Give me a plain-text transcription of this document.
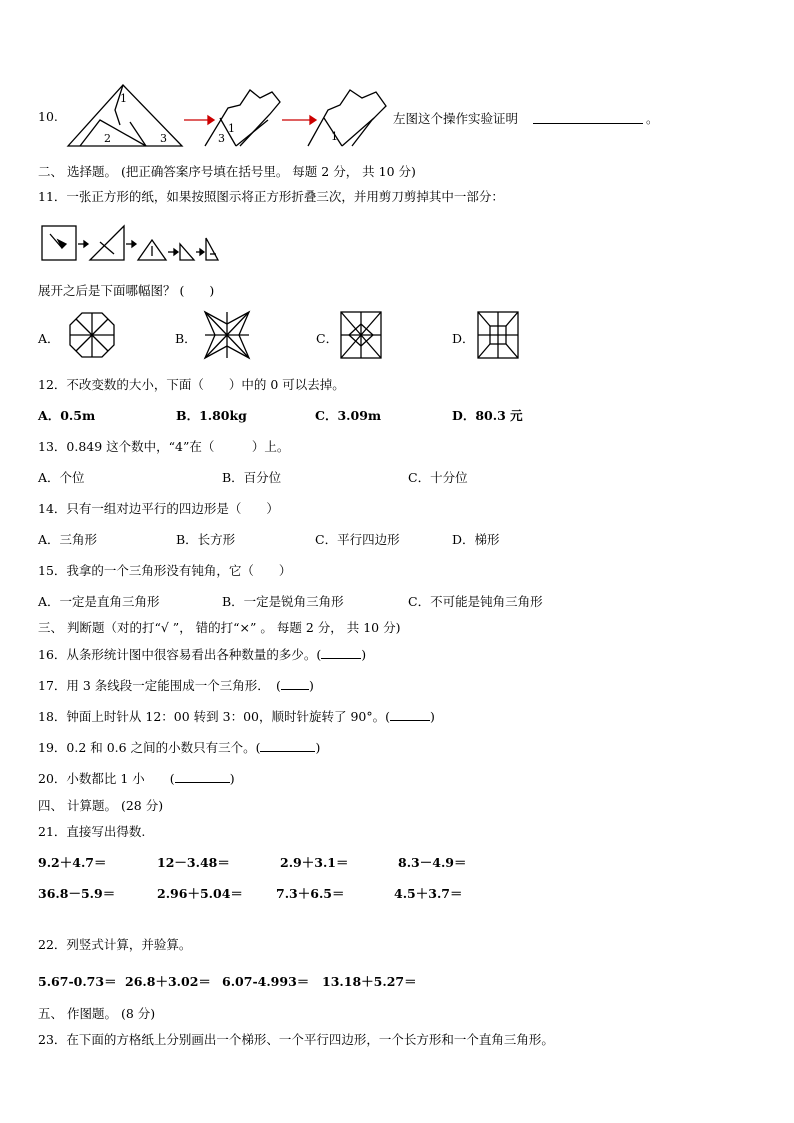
10.
1
2	3	3
1
1
左图这个操作实验证明	。
二、 选择题。 (把正确答案序号填在括号里。 每题 2 分， 共 10 分)
11．一张正方形的纸，如果按照图示将正方形折叠三次，并用剪刀剪掉其中一部分：
展开之后是下面哪幅图？ (　　)
A．	B．	C．	D．
12．不改变数的大小，下面（　　）中的 0 可以去掉。
A．0.5m	B．1.80kg	C．3.09m	D．80.3 元
13．0.849 这个数中，“4”在（　　　）上。
A．个位	B．百分位	C．十分位
14．只有一组对边平行的四边形是（　　）
A．三角形	B．长方形	C．平行四边形	D．梯形
15．我拿的一个三角形没有钝角，它（　　）
A．一定是直角三角形	B．一定是锐角三角形	C．不可能是钝角三角形
三、 判断题（对的打“√ ”， 错的打“×” 。 每题 2 分， 共 10 分)
16．从条形统计图中很容易看出各种数量的多少。(	)
17．用 3 条线段一定能围成一个三角形．　( )
18．钟面上时针从 12：00 转到 3：00，顺时针旋转了 90°。(	)
19．0.2 和 0.6 之间的小数只有三个。(	)
20．小数都比 1 小　　(	)
四、 计算题。 (28 分)
21．直接写出得数.
9.2＋4.7＝	12－3.48＝	2.9＋3.1＝	8.3－4.9＝
36.8－5.9＝	2.96＋5.04＝	7.3＋6.5＝	4.5＋3.7＝
22．列竖式计算，并验算。
5.67-0.73＝ 26.8＋3.02＝ 6.07-4.993＝ 13.18＋5.27＝
五、 作图题。 (8 分)
23．在下面的方格纸上分别画出一个梯形、一个平行四边形，一个长方形和一个直角三角形。
